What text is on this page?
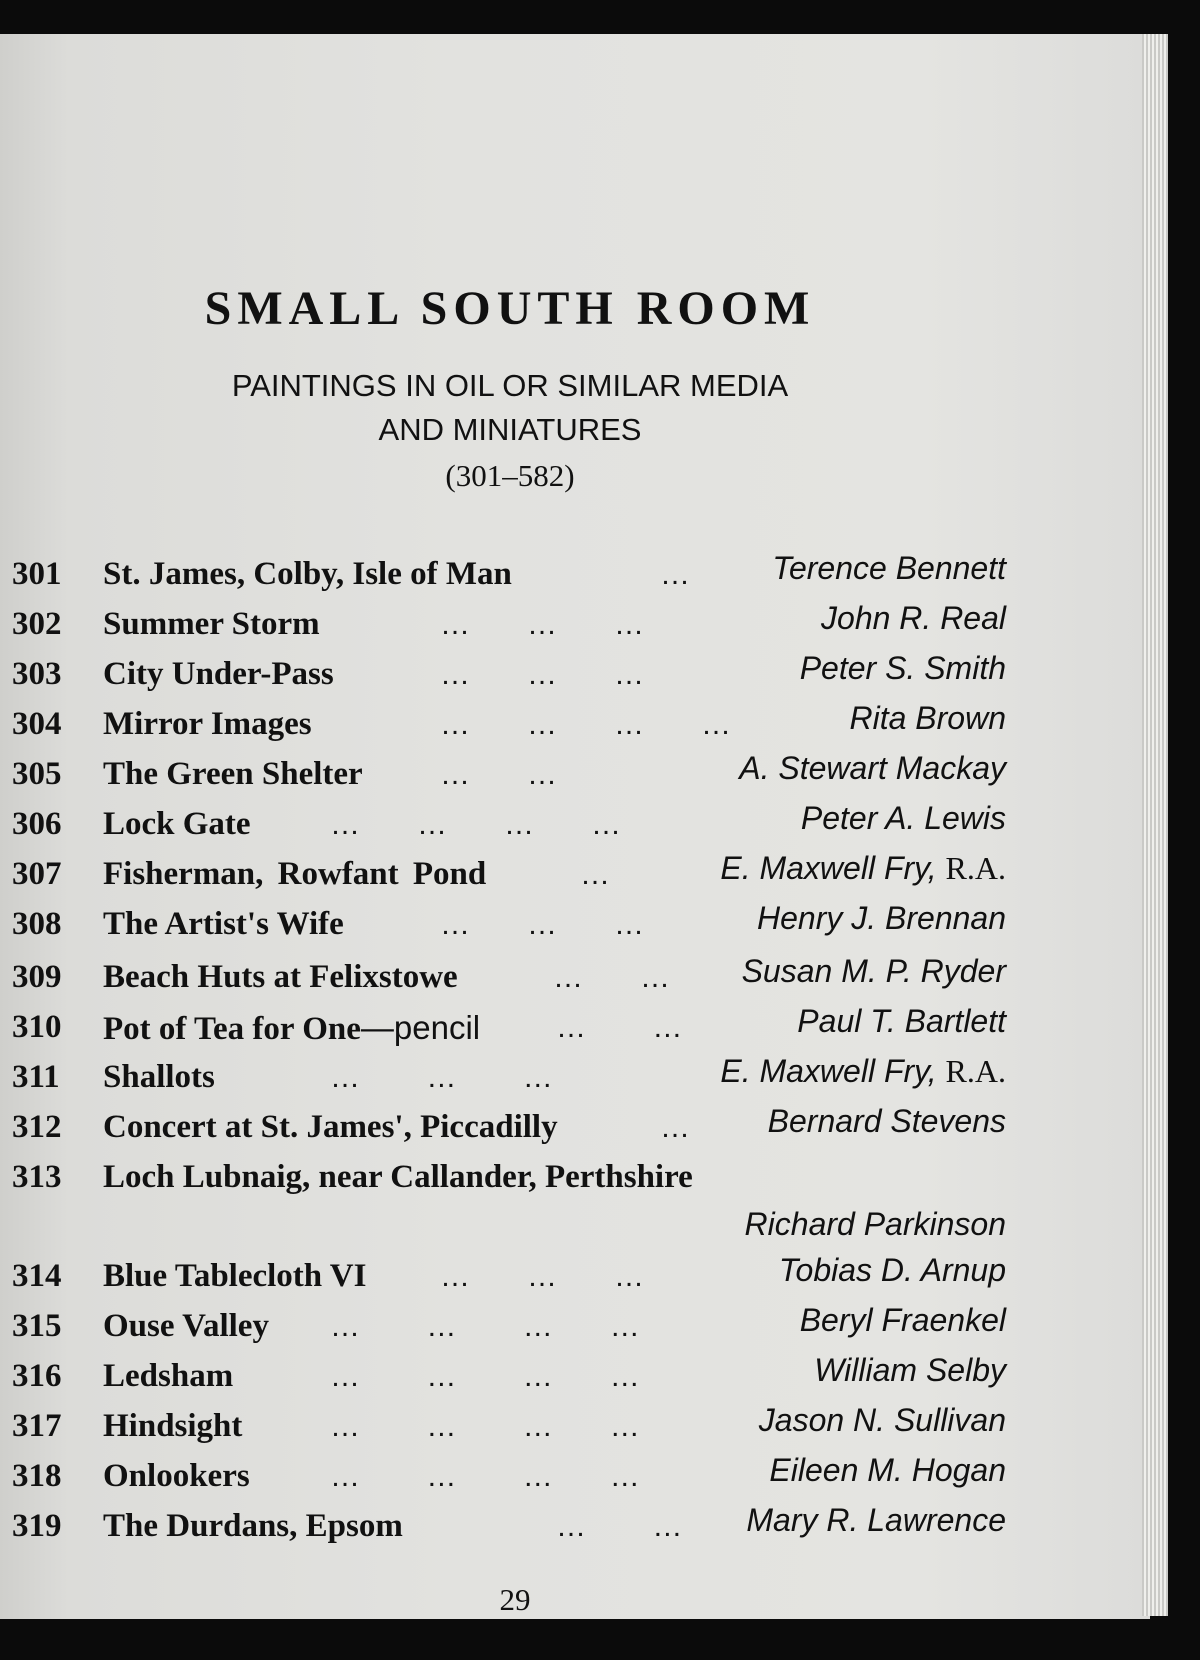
SMALL SOUTH ROOM
PAINTINGS IN OIL OR SIMILAR MEDIA
AND MINIATURES
(301–582)
301 St. James, Colby, Isle of Man	…	Terence Bennett
302 Summer Storm	…      …      …	John R. Real
303 City Under-Pass	…      …      …	Peter S. Smith
304 Mirror Images	…      …      …      …	Rita Brown
305 The Green Shelter	…      …	A. Stewart Mackay
306 Lock Gate	…      …      …      …	Peter A. Lewis
307 Fisherman, Rowfant Pond	…	E. Maxwell Fry, R.A.
308 The Artist's Wife	…      …      …	Henry J. Brennan
309 Beach Huts at Felixstowe	…      … Susan M. P. Ryder
310 Pot of Tea for One—pencil	…       …	Paul T. Bartlett
311 Shallots	…       …       …	E. Maxwell Fry, R.A.
312 Concert at St. James', Piccadilly	… Bernard Stevens
313 Loch Lubnaig, near Callander, Perthshire
Richard Parkinson
314 Blue Tablecloth VI …      …      …	Tobias D. Arnup
315 Ouse Valley …       …       …      …	Beryl Fraenkel
316 Ledsham	…       …       …      …	William Selby
317 Hindsight	…       …       …      …	Jason N. Sullivan
318 Onlookers	…       …       …      …	Eileen M. Hogan
319 The Durdans, Epsom	…       … Mary R. Lawrence
29
